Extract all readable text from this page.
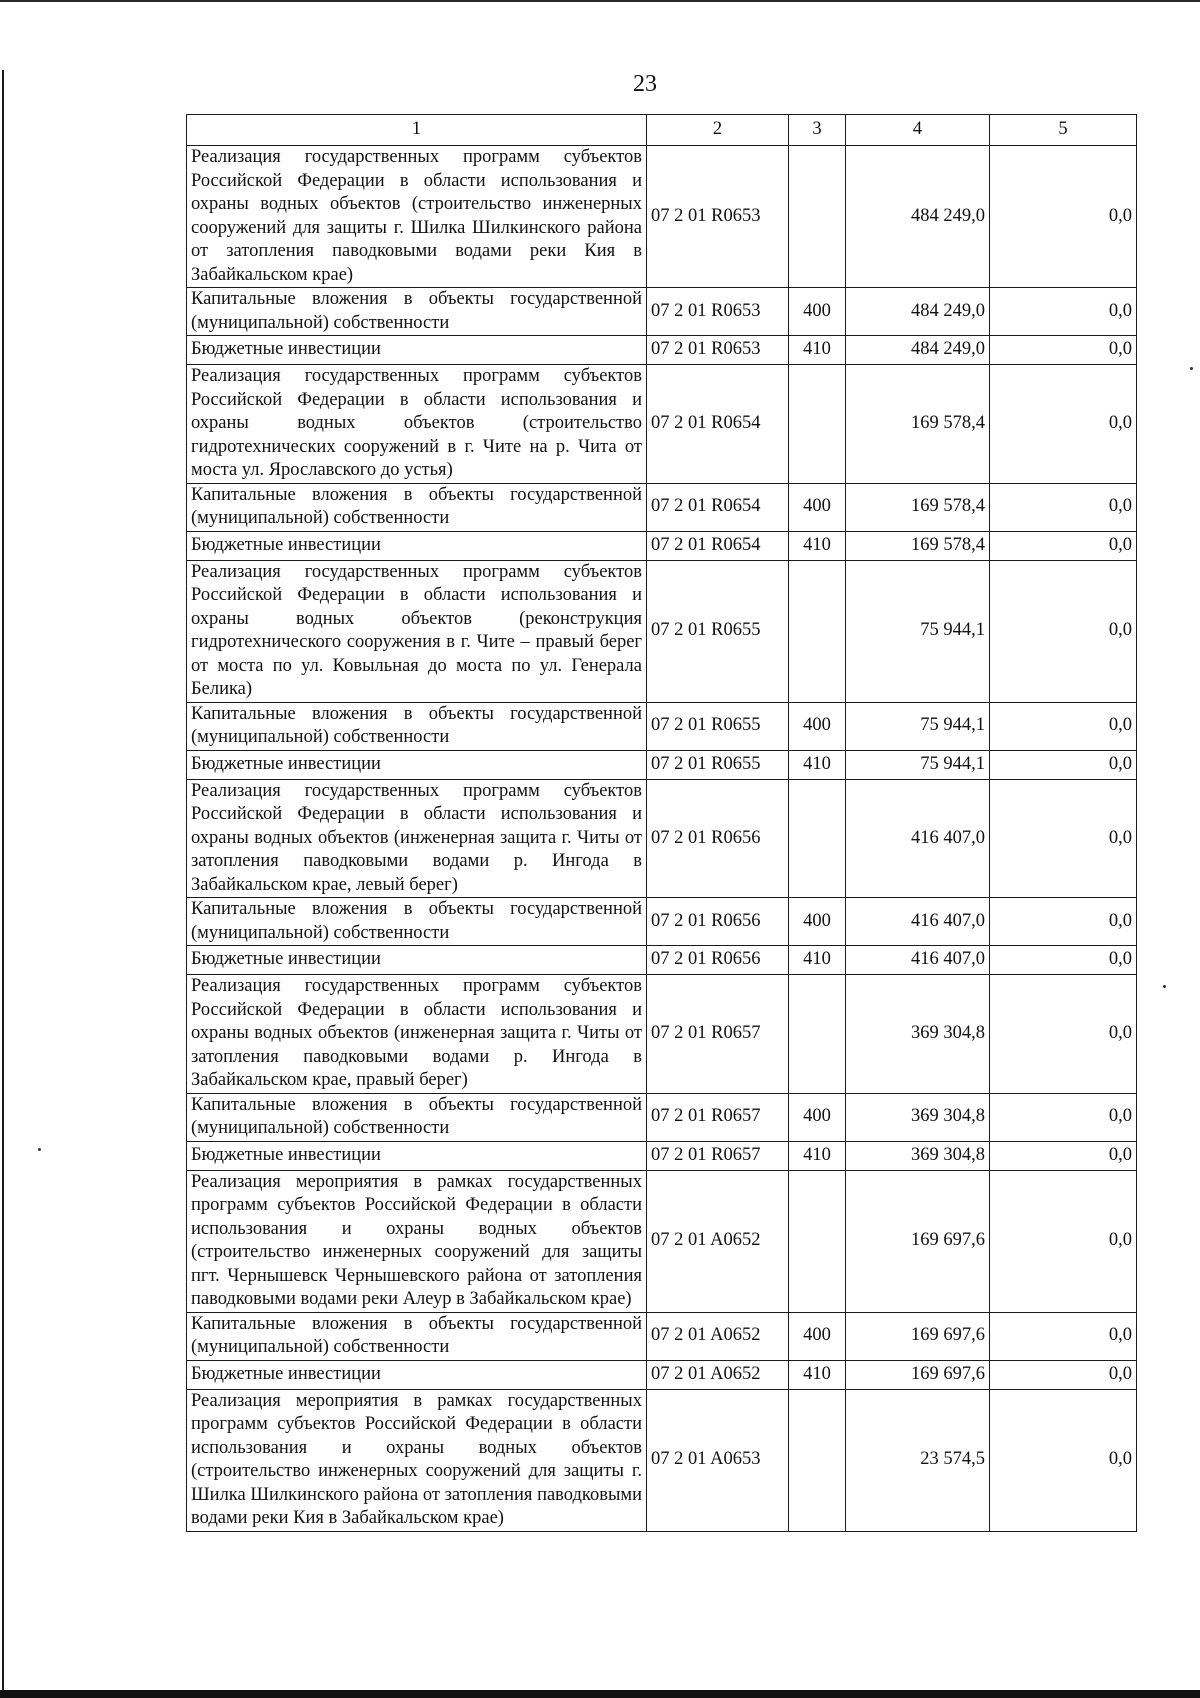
23
1	2	3	4	5
Реализация государственных программ субъектов Российской Федерации в области использования и охраны водных объектов (строительство инженерных сооружений для защиты г. Шилка Шилкинского района от затопления паводковыми водами реки Кия в Забайкальском крае)	07 2 01 R0653		484 249,0	0,0
Капитальные вложения в объекты государственной (муниципальной) собственности	07 2 01 R0653	400	484 249,0	0,0
Бюджетные инвестиции	07 2 01 R0653	410	484 249,0	0,0
Реализация государственных программ субъектов Российской Федерации в области использования и охраны водных объектов (строительство гидротехнических сооружений в г. Чите на р. Чита от моста ул. Ярославского до устья)	07 2 01 R0654		169 578,4	0,0
Капитальные вложения в объекты государственной (муниципальной) собственности	07 2 01 R0654	400	169 578,4	0,0
Бюджетные инвестиции	07 2 01 R0654	410	169 578,4	0,0
Реализация государственных программ субъектов Российской Федерации в области использования и охраны водных объектов (реконструкция гидротехнического сооружения в г. Чите – правый берег от моста по ул. Ковыльная до моста по ул. Генерала Белика)	07 2 01 R0655		75 944,1	0,0
Капитальные вложения в объекты государственной (муниципальной) собственности	07 2 01 R0655	400	75 944,1	0,0
Бюджетные инвестиции	07 2 01 R0655	410	75 944,1	0,0
Реализация государственных программ субъектов Российской Федерации в области использования и охраны водных объектов (инженерная защита г. Читы от затопления паводковыми водами р. Ингода в Забайкальском крае, левый берег)	07 2 01 R0656		416 407,0	0,0
Капитальные вложения в объекты государственной (муниципальной) собственности	07 2 01 R0656	400	416 407,0	0,0
Бюджетные инвестиции	07 2 01 R0656	410	416 407,0	0,0
Реализация государственных программ субъектов Российской Федерации в области использования и охраны водных объектов (инженерная защита г. Читы от затопления паводковыми водами р. Ингода в Забайкальском крае, правый берег)	07 2 01 R0657		369 304,8	0,0
Капитальные вложения в объекты государственной (муниципальной) собственности	07 2 01 R0657	400	369 304,8	0,0
Бюджетные инвестиции	07 2 01 R0657	410	369 304,8	0,0
Реализация мероприятия в рамках государственных программ субъектов Российской Федерации в области использования и охраны водных объектов (строительство инженерных сооружений для защиты пгт. Чернышевск Чернышевского района от затопления паводковыми водами реки Алеур в Забайкальском крае)	07 2 01 A0652		169 697,6	0,0
Капитальные вложения в объекты государственной (муниципальной) собственности	07 2 01 A0652	400	169 697,6	0,0
Бюджетные инвестиции	07 2 01 A0652	410	169 697,6	0,0
Реализация мероприятия в рамках государственных программ субъектов Российской Федерации в области использования и охраны водных объектов (строительство инженерных сооружений для защиты г. Шилка Шилкинского района от затопления паводковыми водами реки Кия в Забайкальском крае)	07 2 01 A0653		23 574,5	0,0
